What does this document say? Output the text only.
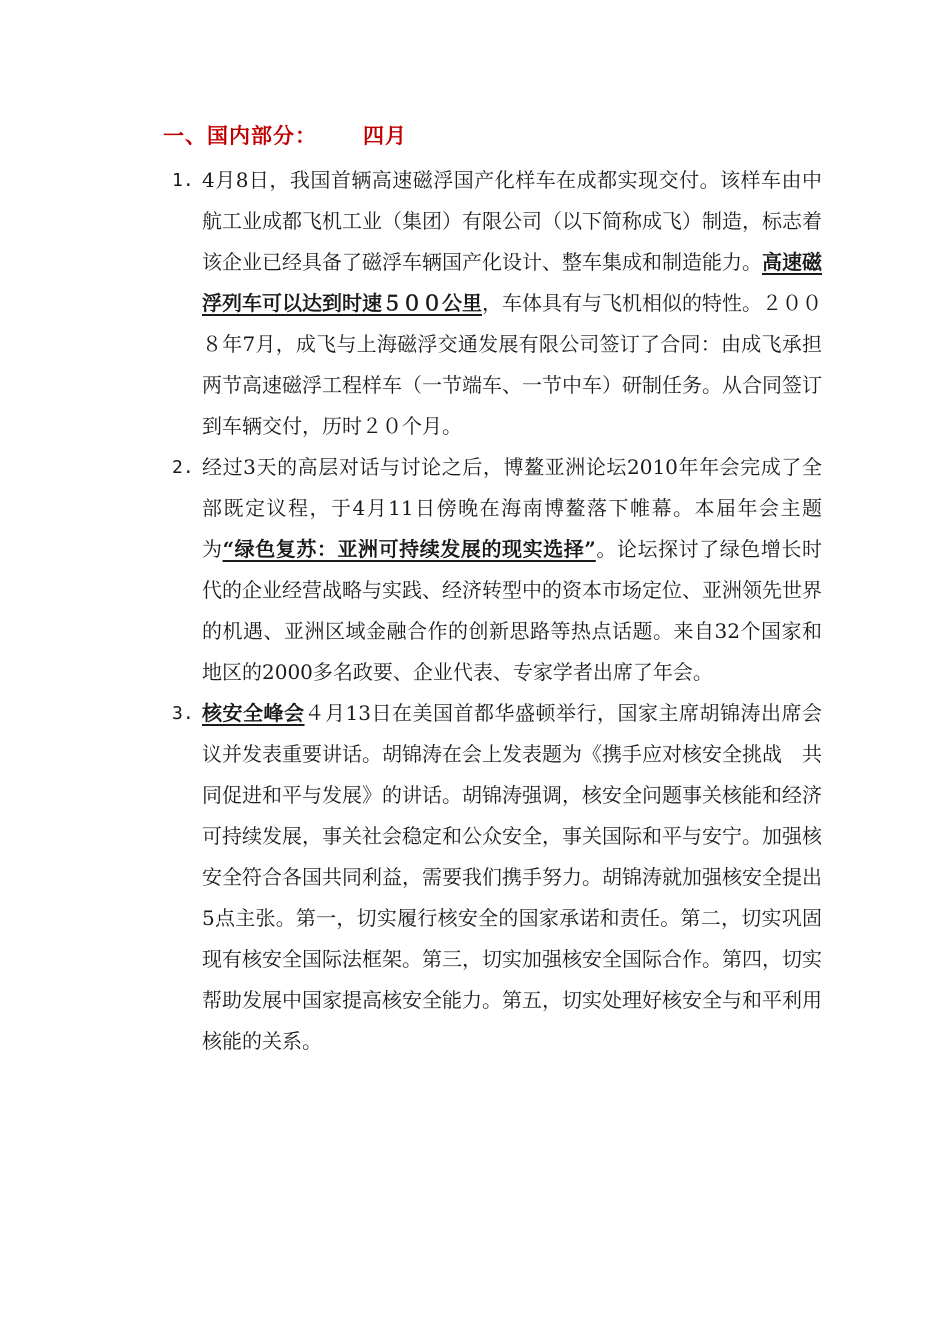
一、国内部分： 四月
1. 4月8日，我国首辆高速磁浮国产化样车在成都实现交付。该样车由中航工业成都飞机工业（集团）有限公司（以下简称成飞）制造，标志着该企业已经具备了磁浮车辆国产化设计、整车集成和制造能力。高速磁浮列车可以达到时速５００公里，车体具有与飞机相似的特性。２００８年7月，成飞与上海磁浮交通发展有限公司签订了合同：由成飞承担两节高速磁浮工程样车（一节端车、一节中车）研制任务。从合同签订到车辆交付，历时２０个月。

2. 经过3天的高层对话与讨论之后，博鳌亚洲论坛2010年年会完成了全部既定议程，于4月11日傍晚在海南博鳌落下帷幕。本届年会主题为“绿色复苏：亚洲可持续发展的现实选择”。论坛探讨了绿色增长时代的企业经营战略与实践、经济转型中的资本市场定位、亚洲领先世界的机遇、亚洲区域金融合作的创新思路等热点话题。来自32个国家和地区的2000多名政要、企业代表、专家学者出席了年会。

3. 核安全峰会４月13日在美国首都华盛顿举行，国家主席胡锦涛出席会议并发表重要讲话。胡锦涛在会上发表题为《携手应对核安全挑战　共同促进和平与发展》的讲话。胡锦涛强调，核安全问题事关核能和经济可持续发展，事关社会稳定和公众安全，事关国际和平与安宁。加强核安全符合各国共同利益，需要我们携手努力。胡锦涛就加强核安全提出5点主张。第一，切实履行核安全的国家承诺和责任。第二，切实巩固现有核安全国际法框架。第三，切实加强核安全国际合作。第四，切实帮助发展中国家提高核安全能力。第五，切实处理好核安全与和平利用核能的关系。
